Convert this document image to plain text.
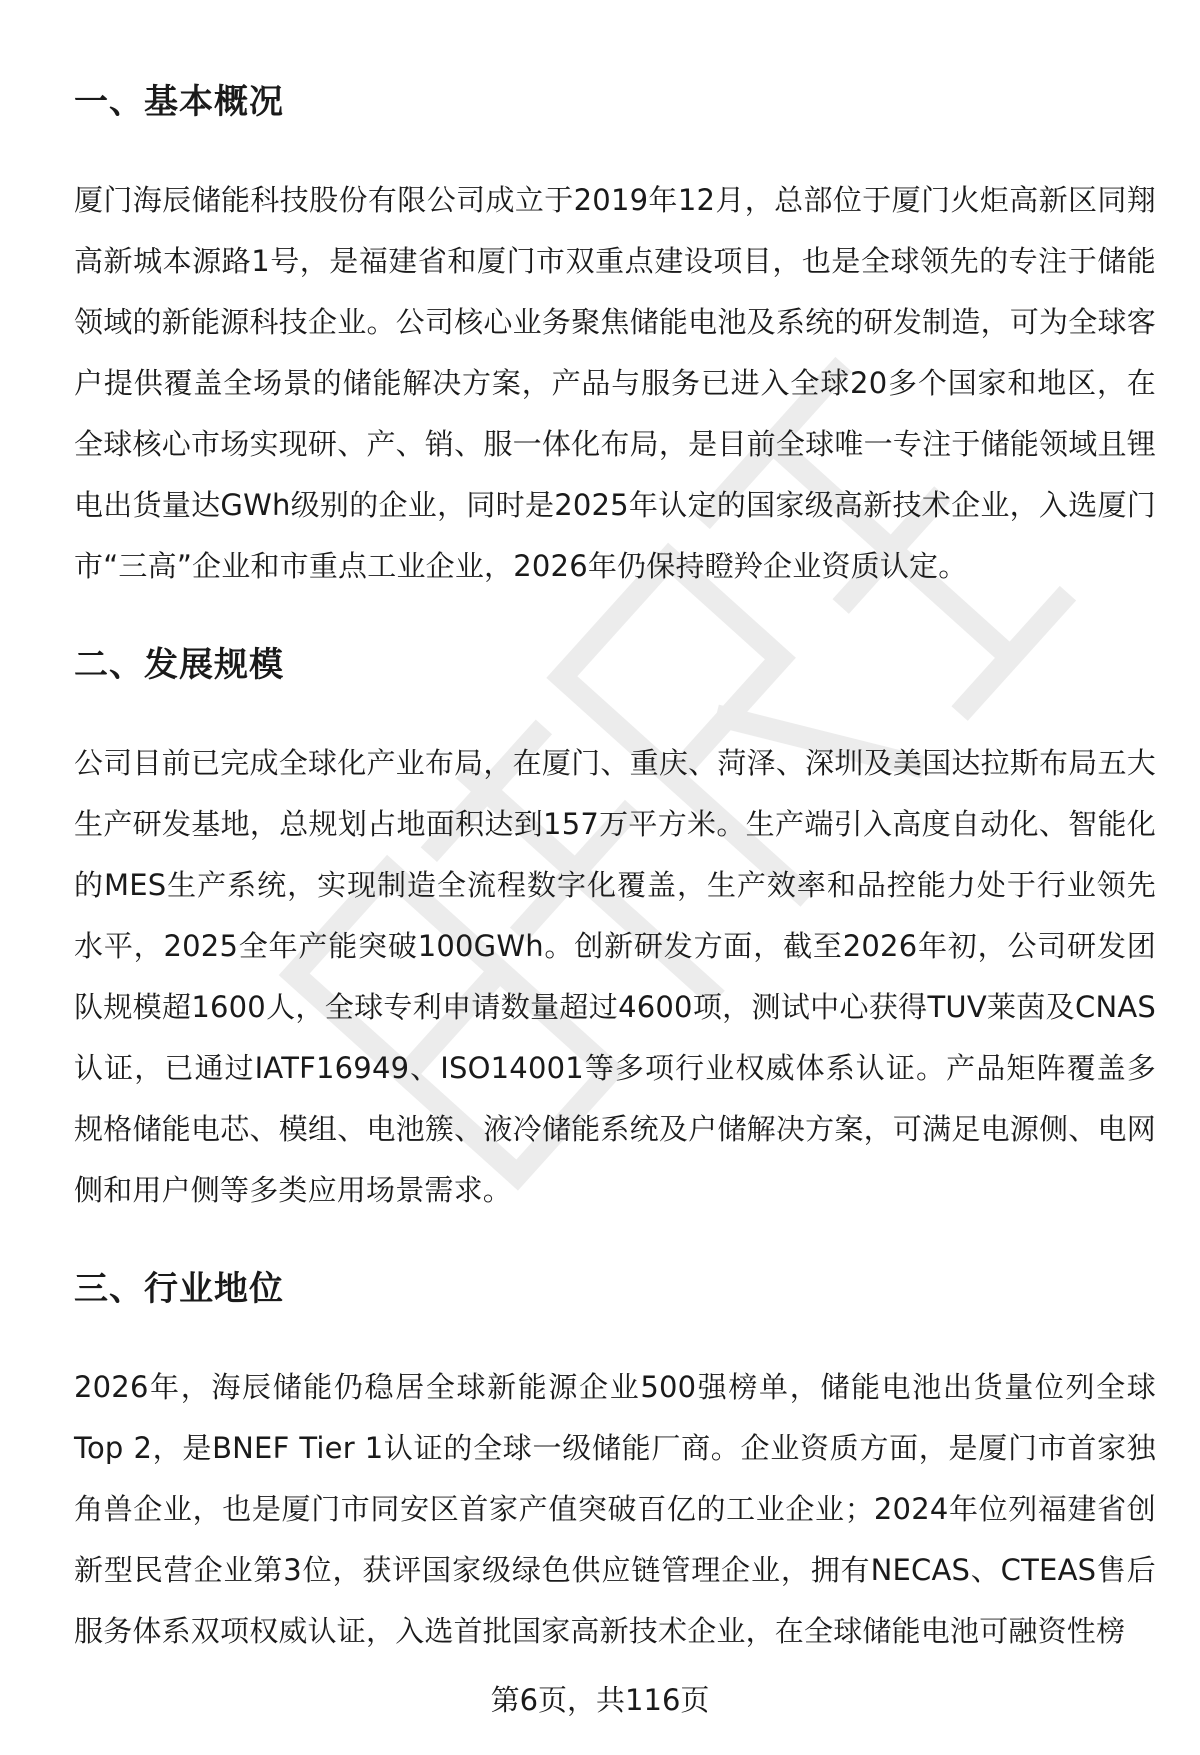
一、基本概况

厦门海辰储能科技股份有限公司成立于2019年12月，总部位于厦门火炬高新区同翔高新城本源路1号，是福建省和厦门市双重点建设项目，也是全球领先的专注于储能领域的新能源科技企业。公司核心业务聚焦储能电池及系统的研发制造，可为全球客户提供覆盖全场景的储能解决方案，产品与服务已进入全球20多个国家和地区，在全球核心市场实现研、产、销、服一体化布局，是目前全球唯一专注于储能领域且锂电出货量达GWh级别的企业，同时是2025年认定的国家级高新技术企业，入选厦门市“三高”企业和市重点工业企业，2026年仍保持瞪羚企业资质认定。

二、发展规模

公司目前已完成全球化产业布局，在厦门、重庆、菏泽、深圳及美国达拉斯布局五大生产研发基地，总规划占地面积达到157万平方米。生产端引入高度自动化、智能化的MES生产系统，实现制造全流程数字化覆盖，生产效率和品控能力处于行业领先水平，2025全年产能突破100GWh。创新研发方面，截至2026年初，公司研发团队规模超1600人，全球专利申请数量超过4600项，测试中心获得TUV莱茵及CNAS认证，已通过IATF16949、ISO14001等多项行业权威体系认证。产品矩阵覆盖多规格储能电芯、模组、电池簇、液冷储能系统及户储解决方案，可满足电源侧、电网侧和用户侧等多类应用场景需求。

三、行业地位

2026年，海辰储能仍稳居全球新能源企业500强榜单，储能电池出货量位列全球Top 2，是BNEF Tier 1认证的全球一级储能厂商。企业资质方面，是厦门市首家独角兽企业，也是厦门市同安区首家产值突破百亿的工业企业；2024年位列福建省创新型民营企业第3位，获评国家级绿色供应链管理企业，拥有NECAS、CTEAS售后服务体系双项权威认证，入选首批国家高新技术企业，在全球储能电池可融资性榜

第6页，共116页
